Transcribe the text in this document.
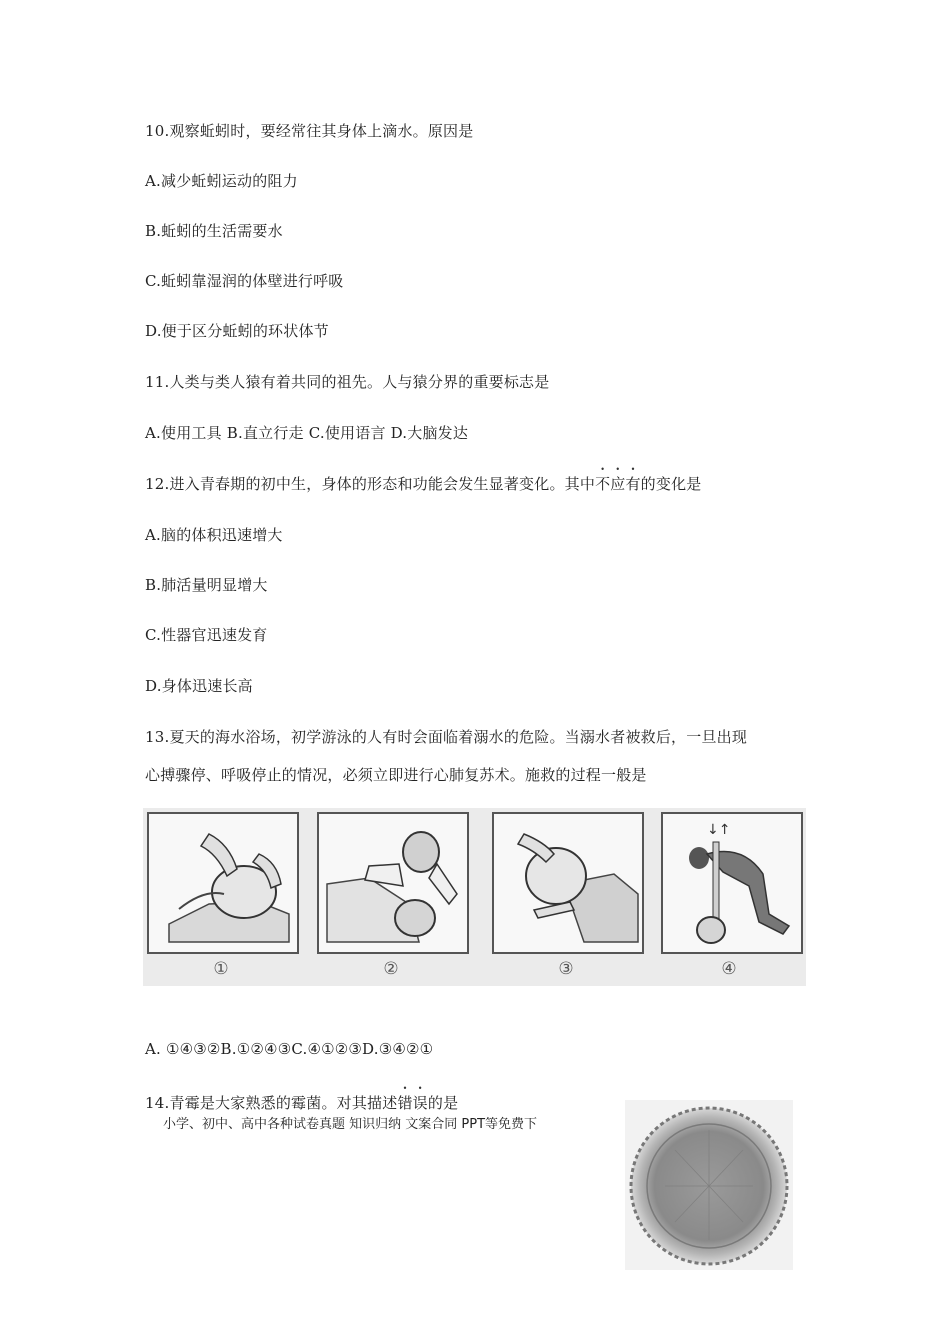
10.观察蚯蚓时，要经常往其身体上滴水。原因是
A.减少蚯蚓运动的阻力
B.蚯蚓的生活需要水
C.蚯蚓靠湿润的体壁进行呼吸
D.便于区分蚯蚓的环状体节
11.人类与类人猿有着共同的祖先。人与猿分界的重要标志是
A.使用工具 B.直立行走 C.使用语言 D.大脑发达
12.进入青春期的初中生，身体的形态和功能会发生显著变化。其中不应有的变化是
A.脑的体积迅速增大
B.肺活量明显增大
C.性器官迅速发育
D.身体迅速长高
13.夏天的海水浴场，初学游泳的人有时会面临着溺水的危险。当溺水者被救后，一旦出现
心搏骤停、呼吸停止的情况，必须立即进行心肺复苏术。施救的过程一般是
↓↑
①	②	③	④
A. ①④③②B.①②④③C.④①②③D.③④②①
14.青霉是大家熟悉的霉菌。对其描述错误的是
小学、初中、高中各种试卷真题 知识归纳 文案合同 PPT等免费下
